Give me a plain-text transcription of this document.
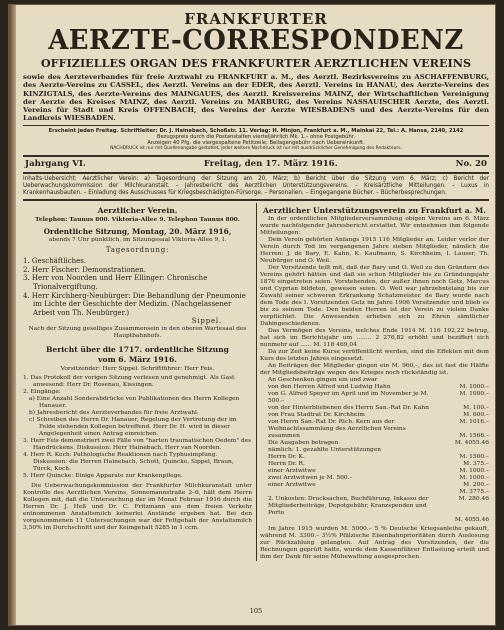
FRANKFURTER
AERZTE-CORRESPONDENZ
OFFIZIELLES ORGAN DES FRANKFURTER AERZTLICHEN VEREINS
sowie des Aerzteverbandes für freie Arztwahl zu FRANKFURT a. M., des Aerztl. Bezirksvereins zu ASCHAFFENBURG, des Aerzte-Vereins zu CASSEL, des Aerztl. Vereins an der EDER, des Aerztl. Vereins in HANAU, des Aerzte-Vereins des KINZIGTALS, des Aerzte-Vereins des MAINGAUES, des Aerztl. Kreisvereins MAINZ, der Wirtschaftlichen Vereinigung der Aerzte des Kreises MAINZ, des Aerztl. Vereins zu MARBURG, des Vereins NASSAUISCHER Aerzte, des Aerztl. Vereins für Stadt und Kreis OFFENBACH, des Vereins der Aerzte WIESBADENS und des Aerzte-Vereins für den Landkreis WIESBADEN.
Erscheint jeden Freitag. Schriftleiter: Dr. J. Hainebach, Schoßstr. 11. Verlag: H. Minjon, Frankfurt a. M., Mainkai 22, Tel.: A. Hansa, 2140, 2142
Bezugspreis durch die Postanstalten vierteljährlich Mk. 1.– ohne Postgebühr.
Anzeigen 40 Pfg. die viergespaltene Petitzeile; Beilagengebühr nach Uebereinkunft.
NACHDRUCK ist nur mit Quellenangabe gestattet, jeder weitere Nachdruck ist nur mit ausdrücklicher Genehmigung des Redakteurs.
Jahrgang VI.	Freitag, den 17. März 1916.	No. 20
Inhalts-Uebersicht: Aerztlicher Verein: a) Tagesordnung der Sitzung am 20. März; b) Bericht über die Sitzung vom 6. März; c) Bericht der Ueberwachungskommission der Milchkuranstalt. – Jahresbericht des Aerztlichen Unterstützungsvereins. – Kreisärztliche Mitteilungen. – Luxus in Krankenhausbauten. – Einladung des Ausschusses für Kriegsbeschädigten-Fürsorge. – Personalien. – Eingegangene Bücher. – Bücherbesprechungen.
Aerztlicher Verein.
Telephon: Taunus 800. Viktoria-Allee 9. Telephon Taunus 800.
Ordentliche Sitzung, Montag, 20. März 1916,
abends 7 Uhr pünktlich, im Sitzungssaal Viktoria-Allee 9, I.
Tagesordnung:
1. Geschäftliches.
2. Herr Fischer: Demonstrationen.
3. Herr von Noorden und Herr Ellinger: Chronische Trionalvergiftung.
4. Herr Kirchberg-Neubürger: Die Behandlung der Pneumonie im Lichte der Geschichte der Medizin. (Nachgelassener Arbeit von Th. Neubürger.)
Sippel.
Nach der Sitzung geselliges Zusammensein in den oberen Wartesaal des Hauptbahnhofs.
Bericht über die 1717. ordentliche Sitzung
vom 6. März 1916.
Vorsitzender: Herr Sippel. Schriftführer: Herr Feis.
1. Das Protokoll der vorigen Sitzung verlesen und genehmigt. Als Gast anwesend: Herr Dr. Rosenau, Kissingen.
2. Eingänge:
a) Eine Anzahl Sonderabdrücke von Publikationen des Herrn Kollegen Hanauer.
b) Jahresbericht des Aerzteverbandes für freie Arztwahl.
c) Schreiben des Herrn Dr. Hanauer, Regelung der Vertretung der im Felde stehenden Kollegen betreffend. Herr Dr. H. wird in dieser Angelegenheit einen Antrag einreichen.
3. Herr Feis demonstriert zwei Fälle von "harten traumatischen Oedem" des Handrückens. Diskussion: Herr Hainebach, Herr van Noorden.
4. Herr R. Koch: Pathologische Reaktionen nach Typhusimpfung. Diskussion: die Herren Hainebach, Schott, Quincke, Sippel, Braun, Türck, Koch.
5. Herr Quincke: Einige Apparate zur Krankenpflege.
Die Ueberwachungskommission der Frankfurter Milchkuranstalt unter Kontrolle des Aerztlichen Vereins, Sonnemannstraße 2–6, hält dem Herrn Kollegen mit, daß die Untersuchung der im Monat Februar 1916 durch die Herren Dr. J. Heß und Dr. C. Fritzmann aus dem freien Verkehr entnommenen Anstaltsmilch keinerlei Anstände ergeben hat. Bei den vorgenommenen 11 Untersuchungen war der Fettgehalt der Anstaltsmilch 3,50% im Durchschnitt und der Keimgehalt 5285 in 1 ccm.
Aerztlicher Unterstützungsverein zu Frankfurt a. M.
In der ordentlichen Mitgliederversammlung obigen Vereins am 6. März wurde nachfolgender Jahresbericht erstattet. Wir entnehmen ihm folgende Mitteilungen:
Dem Verein gehörten Anfangs 1915 116 Mitglieder an. Leider verlor der Verein durch Tod im vergangenen Jahre sieben Mitglieder, nämlich die Herren: J. de Bary, E. Kahn, K. Kaufmann, S. Kirchheim, I. Lauser, Th. Neubürger und O. Weil.
Der Vorsitzende teilt mit, daß der Bary und O. Weil zu den Gründern des Vereins gehört hätten und daß sie schon Mitglieder bis zu Gründungsjahr 1876 eingetreten seien. Vorstehenden, der außer ihnen noch Getz, Marcus und Cyprian bildeten, gewesen seien. O. Weil war jahrzehntelang bis zur Zuwahl seiner schweren Erkrankung Schatzmeister. de Bary wurde nach dem Tode des I. Vorsitzenden Getz im Jahre 1906 Vorsitzender und blieb es bis zu seinem Tode. Den beiden Herren ist der Verein zu vielem Danke verpflichtet. Die Anwesenden erheben sich zu Ehren sämtlicher Dahingeschiedenen.
Das Vermögen des Vereins, welches Ende 1914 M. 116 192,22 betrug, hat sich im Berichtsjahr um ........ 2 276,82 erhöht und beziffert sich nunmehr auf ...... M. 118 469,04
Da zur Zeit keine Kurse veröffentlicht werden, sind die Effekten mit dem Kurs des letzten Jahres eingesetzt.
An Beiträgen der Mitglieder gingen ein M. 960,–, das ist fast die Hälfte der Mitgliedsbeiträge wegen des Krieges noch rückständig ist.
An Geschenken gingen ein und zwar
von den Herren Alfred und Ludwig Hahn	M. 1000.–
von G. Alfred Speyer im April und im November je M. 500.–
M. 1000.–
von der Hinterbliebenen des Herrn San.-Rat Dr. Kahn	M. 100.–
von Frau Stadtrat Dr. Kirchheim	M. 600.–
von Herrn San.-Rat Dr. Rich. Kern aus der Weihnachtssammlung des Aerztlichen Vereins
M. 1016.–
zusammen	M. 1566.–
Die Ausgaben betragen	M. 4055.46
nämlich: 1. gezahlte Unterstützungen
Herrn Dr. K.	M. 1500.–
Herrn Dr. R.	M. 375.–
einer Arztwitwe	M. 1000.–
zwei Arztwitwen je M. 500.–	M. 1000.–
einer Arztwitwe	M. 200.–
M. 3775.–
2. Unkosten: Drucksachen, Buchführung, Inkasso der Mitgliederbeiträge, Depotgebühr, Kranzspenden und Porto
M. 280.46
M. 4055.46
Im Jahre 1915 wurden M. 5000.– 5 % Deutsche Kriegsanleihe gekauft, während M. 3300.– 3½% Pfälzische Eisenbahnprioritäten durch Auslosung zur Rückzahlung gelangten. Auf Antrag des Vorsitzenden, der die Rechnungen geprüft hatte, wurde dem Kassenführer Entlastung erteilt und ihm der Dank für seine Mühewaltung ausgesprochen.
105
